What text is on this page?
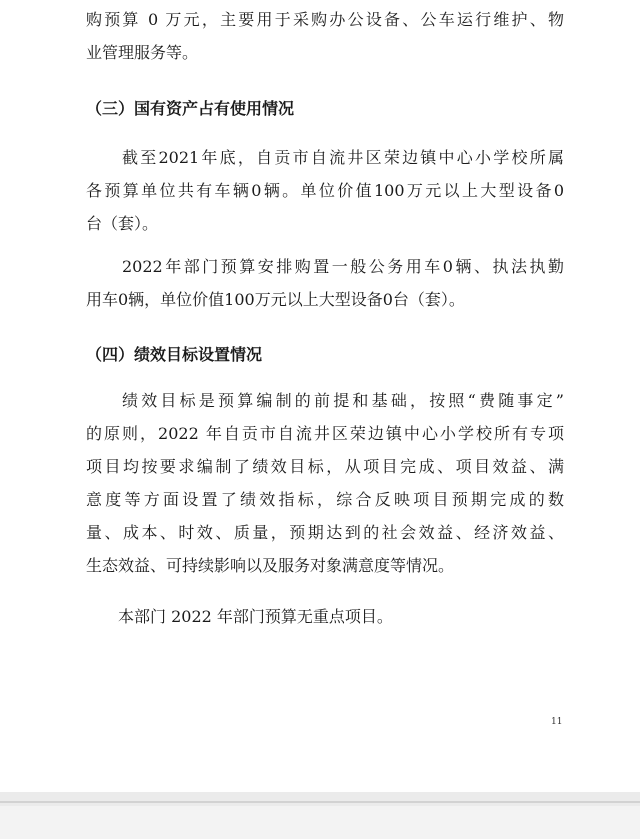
购预算 0 万元，主要用于采购办公设备、公车运行维护、物
业管理服务等。
（三）国有资产占有使用情况
截至2021年底，自贡市自流井区荣边镇中心小学校所属
各预算单位共有车辆0辆。单位价值100万元以上大型设备0
台（套）。
2022年部门预算安排购置一般公务用车0辆、执法执勤
用车0辆，单位价值100万元以上大型设备0台（套）。
（四）绩效目标设置情况
绩效目标是预算编制的前提和基础，按照“费随事定”
的原则，2022 年自贡市自流井区荣边镇中心小学校所有专项
项目均按要求编制了绩效目标，从项目完成、项目效益、满
意度等方面设置了绩效指标，综合反映项目预期完成的数
量、成本、时效、质量，预期达到的社会效益、经济效益、
生态效益、可持续影响以及服务对象满意度等情况。
本部门 2022 年部门预算无重点项目。
11
